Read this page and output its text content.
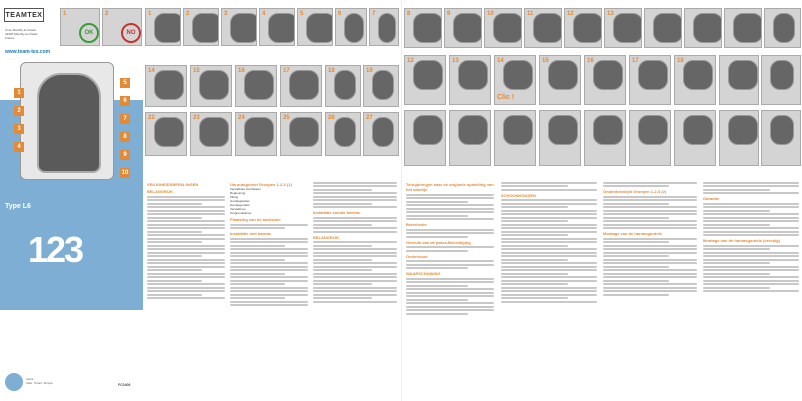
TEAMTEX
ZI de Marcilly-le-Chatel, 42600 Marcilly-le-Chatel, France
www.team-tex.com
Type L6
123
1
2
3
4
5
6
7
8
9
10
nania
Safe. Smart. Simple.	FC0406
1
OK
2
NO
1	2	3	4	5	6	7
14	15	16	17	18	19
22	23	24	25	26	27
VEILIGHEIDSBEPALINGEN
BELANGRIJK
Uw autogordel Groepen 1-2-3 (1)
Verstelbare hoofdsteun
Rugleuning
Zitting
Gordelgeleider
Harnasgordels
Verstelknop
Ontgrendelknop
Plaatsing van de autostoel
Installatie met harnas
Installatie zonder harnas
BELANGRIJK
8	9	10	11	12	13
12	13	14
Clic !
15	16	17	18
Terugbrengen naar de originele opstelling van het stoeltje
Beterheide
Gebruik van de pakra-Bevestiging
Onderhoud
WAARSCHUWING
SCHOONHOUDEN
Onderdelenlijst Groepen 1-2-3 (2)
Montage van de harnasgordels
Garantie
Montage van de harnasgordels (vervolg)
